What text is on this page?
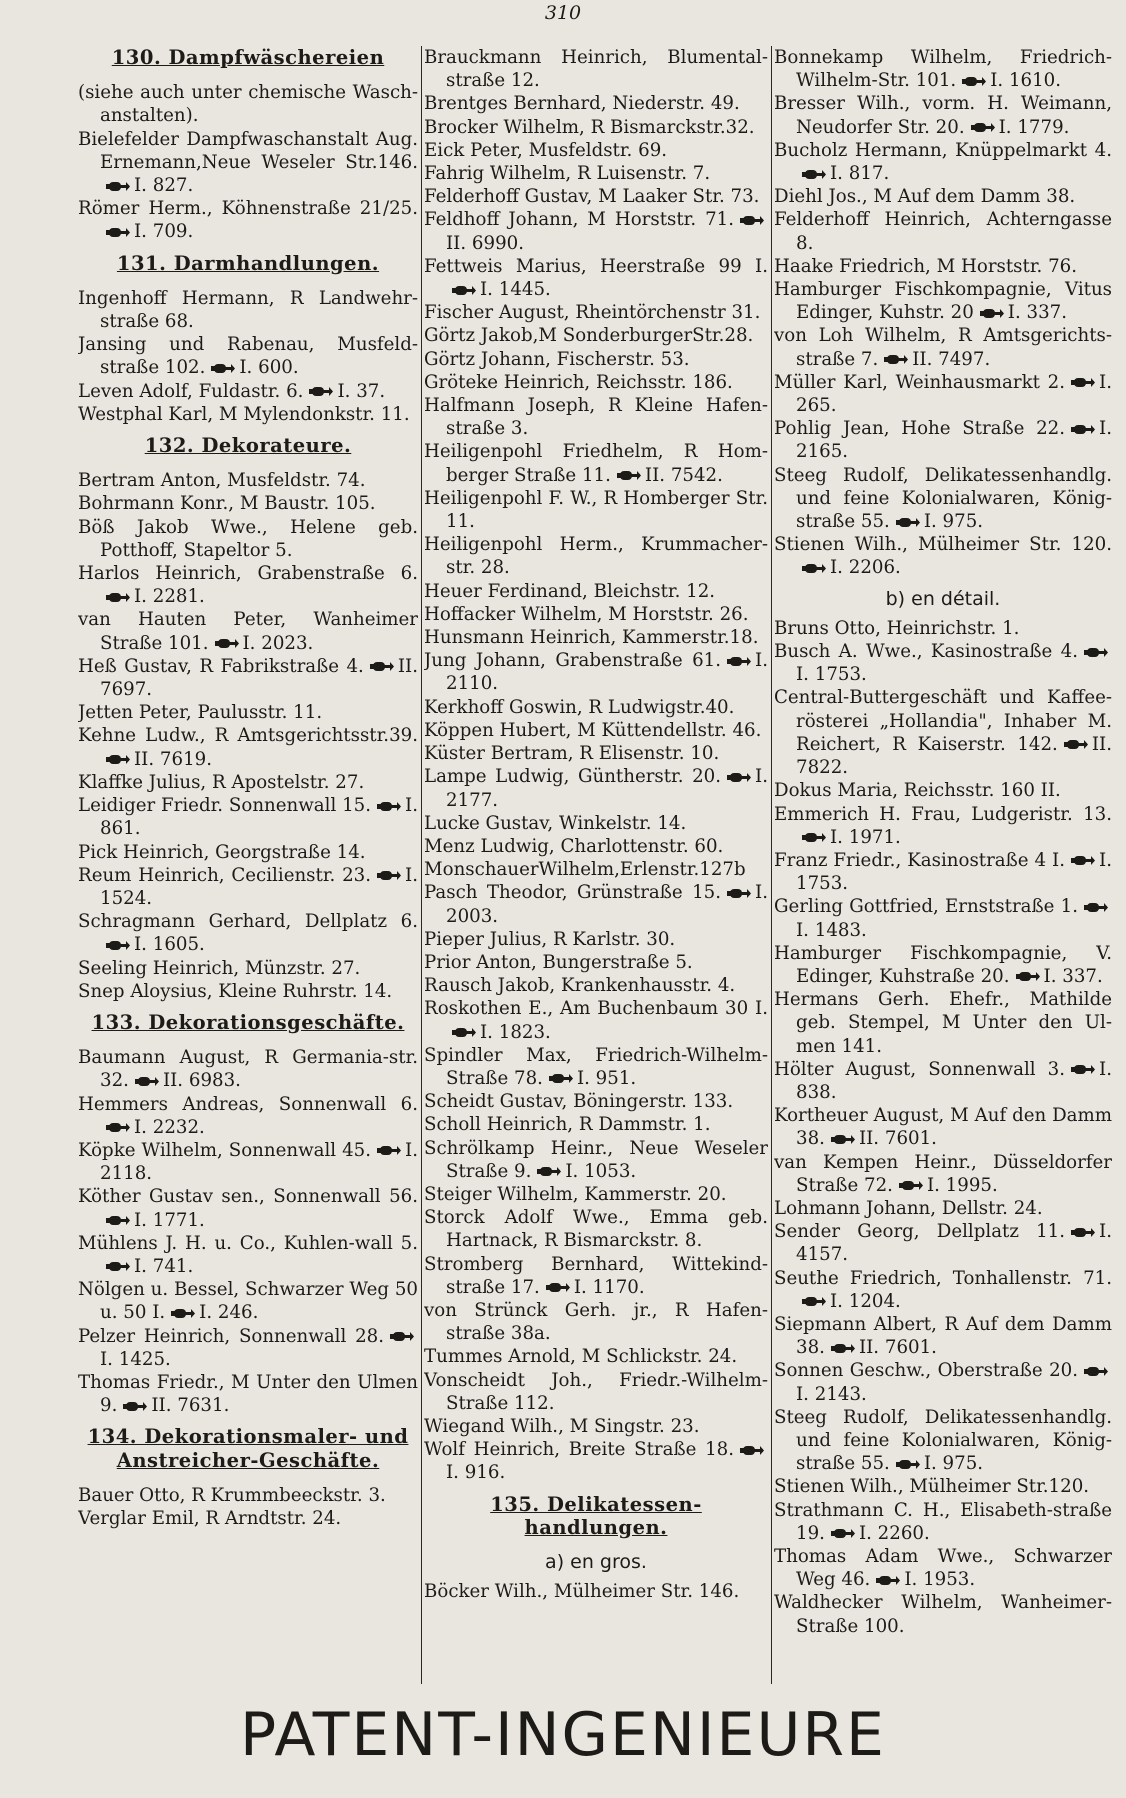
310
130. Dampfwäschereien

(siehe auch unter chemische Wasch-anstalten).

Bielefelder Dampfwaschanstalt Aug. Ernemann,Neue Weseler Str.146.
I. 827.

Römer Herm., Köhnenstraße 21/25.
I. 709.

131. Darmhandlungen.

Ingenhoff Hermann, R Landwehr-straße 68.

Jansing und Rabenau, Musfeld-straße 102. I. 600.

Leven Adolf, Fuldastr. 6. I. 37.

Westphal Karl, M Mylendonkstr. 11.

132. Dekorateure.

Bertram Anton, Musfeldstr. 74.

Bohrmann Konr., M Baustr. 105.

Böß Jakob Wwe., Helene geb. Potthoff, Stapeltor 5.

Harlos Heinrich, Grabenstraße 6.
I. 2281.

van Hauten Peter, Wanheimer Straße 101. I. 2023.

Heß Gustav, R Fabrikstraße 4. II. 7697.

Jetten Peter, Paulusstr. 11.

Kehne Ludw., R Amtsgerichtsstr.39.
II. 7619.

Klaffke Julius, R Apostelstr. 27.

Leidiger Friedr. Sonnenwall 15. I. 861.

Pick Heinrich, Georgstraße 14.

Reum Heinrich, Cecilienstr. 23. I. 1524.

Schragmann Gerhard, Dellplatz 6.
I. 1605.

Seeling Heinrich, Münzstr. 27.

Snep Aloysius, Kleine Ruhrstr. 14.

133. Dekorationsgeschäfte.

Baumann August, R Germania-str. 32. II. 6983.

Hemmers Andreas, Sonnenwall 6.
I. 2232.

Köpke Wilhelm, Sonnenwall 45. I. 2118.

Köther Gustav sen., Sonnenwall 56.
I. 1771.

Mühlens J. H. u. Co., Kuhlen-wall 5.
I. 741.

Nölgen u. Bessel, Schwarzer Weg 50 u. 50 I. I. 246.

Pelzer Heinrich, Sonnenwall 28.
I. 1425.

Thomas Friedr., M Unter den Ulmen 9. II. 7631.

134. Dekorationsmaler- und Anstreicher-Geschäfte.

Bauer Otto, R Krummbeeckstr. 3.

Verglar Emil, R Arndtstr. 24.

Brauckmann Heinrich, Blumental-straße 12.

Brentges Bernhard, Niederstr. 49.

Brocker Wilhelm, R Bismarckstr.32.

Eick Peter, Musfeldstr. 69.

Fahrig Wilhelm, R Luisenstr. 7.

Felderhoff Gustav, M Laaker Str. 73.

Feldhoff Johann, M Horststr. 71.
II. 6990.

Fettweis Marius, Heerstraße 99 I.
I. 1445.

Fischer August, Rheintörchenstr 31.

Görtz Jakob,M SonderburgerStr.28.

Görtz Johann, Fischerstr. 53.

Gröteke Heinrich, Reichsstr. 186.

Halfmann Joseph, R Kleine Hafen-straße 3.

Heiligenpohl Friedhelm, R Hom-berger Straße 11. II. 7542.

Heiligenpohl F. W., R Homberger Str. 11.

Heiligenpohl Herm., Krummacher-str. 28.

Heuer Ferdinand, Bleichstr. 12.

Hoffacker Wilhelm, M Horststr. 26.

Hunsmann Heinrich, Kammerstr.18.

Jung Johann, Grabenstraße 61. I. 2110.

Kerkhoff Goswin, R Ludwigstr.40.

Köppen Hubert, M Küttendellstr. 46.

Küster Bertram, R Elisenstr. 10.

Lampe Ludwig, Güntherstr. 20. I. 2177.

Lucke Gustav, Winkelstr. 14.

Menz Ludwig, Charlottenstr. 60.

MonschauerWilhelm,Erlenstr.127b

Pasch Theodor, Grünstraße 15. I. 2003.

Pieper Julius, R Karlstr. 30.

Prior Anton, Bungerstraße 5.

Rausch Jakob, Krankenhausstr. 4.

Roskothen E., Am Buchenbaum 30 I.
I. 1823.

Spindler Max, Friedrich-Wilhelm-Straße 78. I. 951.

Scheidt Gustav, Böningerstr. 133.

Scholl Heinrich, R Dammstr. 1.

Schrölkamp Heinr., Neue Weseler Straße 9. I. 1053.

Steiger Wilhelm, Kammerstr. 20.

Storck Adolf Wwe., Emma geb. Hartnack, R Bismarckstr. 8.

Stromberg Bernhard, Wittekind-straße 17. I. 1170.

von Strünck Gerh. jr., R Hafen-straße 38a.

Tummes Arnold, M Schlickstr. 24.

Vonscheidt Joh., Friedr.-Wilhelm-Straße 112.

Wiegand Wilh., M Singstr. 23.

Wolf Heinrich, Breite Straße 18.
I. 916.

135. Delikatessen-handlungen.
a) en gros.

Böcker Wilh., Mülheimer Str. 146.

Bonnekamp Wilhelm, Friedrich-Wilhelm-Str. 101. I. 1610.

Bresser Wilh., vorm. H. Weimann, Neudorfer Str. 20. I. 1779.

Bucholz Hermann, Knüppelmarkt 4.
I. 817.

Diehl Jos., M Auf dem Damm 38.

Felderhoff Heinrich, Achterngasse 8.

Haake Friedrich, M Horststr. 76.

Hamburger Fischkompagnie, Vitus Edinger, Kuhstr. 20 I. 337.

von Loh Wilhelm, R Amtsgerichts-straße 7. II. 7497.

Müller Karl, Weinhausmarkt 2. I. 265.

Pohlig Jean, Hohe Straße 22. I. 2165.

Steeg Rudolf, Delikatessenhandlg. und feine Kolonialwaren, König-straße 55. I. 975.

Stienen Wilh., Mülheimer Str. 120.
I. 2206.

b) en détail.

Bruns Otto, Heinrichstr. 1.

Busch A. Wwe., Kasinostraße 4.
I. 1753.

Central-Buttergeschäft und Kaffee-rösterei „Hollandia", Inhaber M. Reichert, R Kaiserstr. 142. II. 7822.

Dokus Maria, Reichsstr. 160 II.

Emmerich H. Frau, Ludgeristr. 13.
I. 1971.

Franz Friedr., Kasinostraße 4 I. I. 1753.

Gerling Gottfried, Ernststraße 1.
I. 1483.

Hamburger Fischkompagnie, V. Edinger, Kuhstraße 20. I. 337.

Hermans Gerh. Ehefr., Mathilde geb. Stempel, M Unter den Ul-men 141.

Hölter August, Sonnenwall 3. I. 838.

Kortheuer August, M Auf den Damm 38. II. 7601.

van Kempen Heinr., Düsseldorfer Straße 72. I. 1995.

Lohmann Johann, Dellstr. 24.

Sender Georg, Dellplatz 11. I. 4157.

Seuthe Friedrich, Tonhallenstr. 71.
I. 1204.

Siepmann Albert, R Auf dem Damm 38. II. 7601.

Sonnen Geschw., Oberstraße 20.
I. 2143.

Steeg Rudolf, Delikatessenhandlg. und feine Kolonialwaren, König-straße 55. I. 975.

Stienen Wilh., Mülheimer Str.120.

Strathmann C. H., Elisabeth-straße 19. I. 2260.

Thomas Adam Wwe., Schwarzer Weg 46. I. 1953.

Waldhecker Wilhelm, Wanheimer-Straße 100.

PATENT-INGENIEURE
